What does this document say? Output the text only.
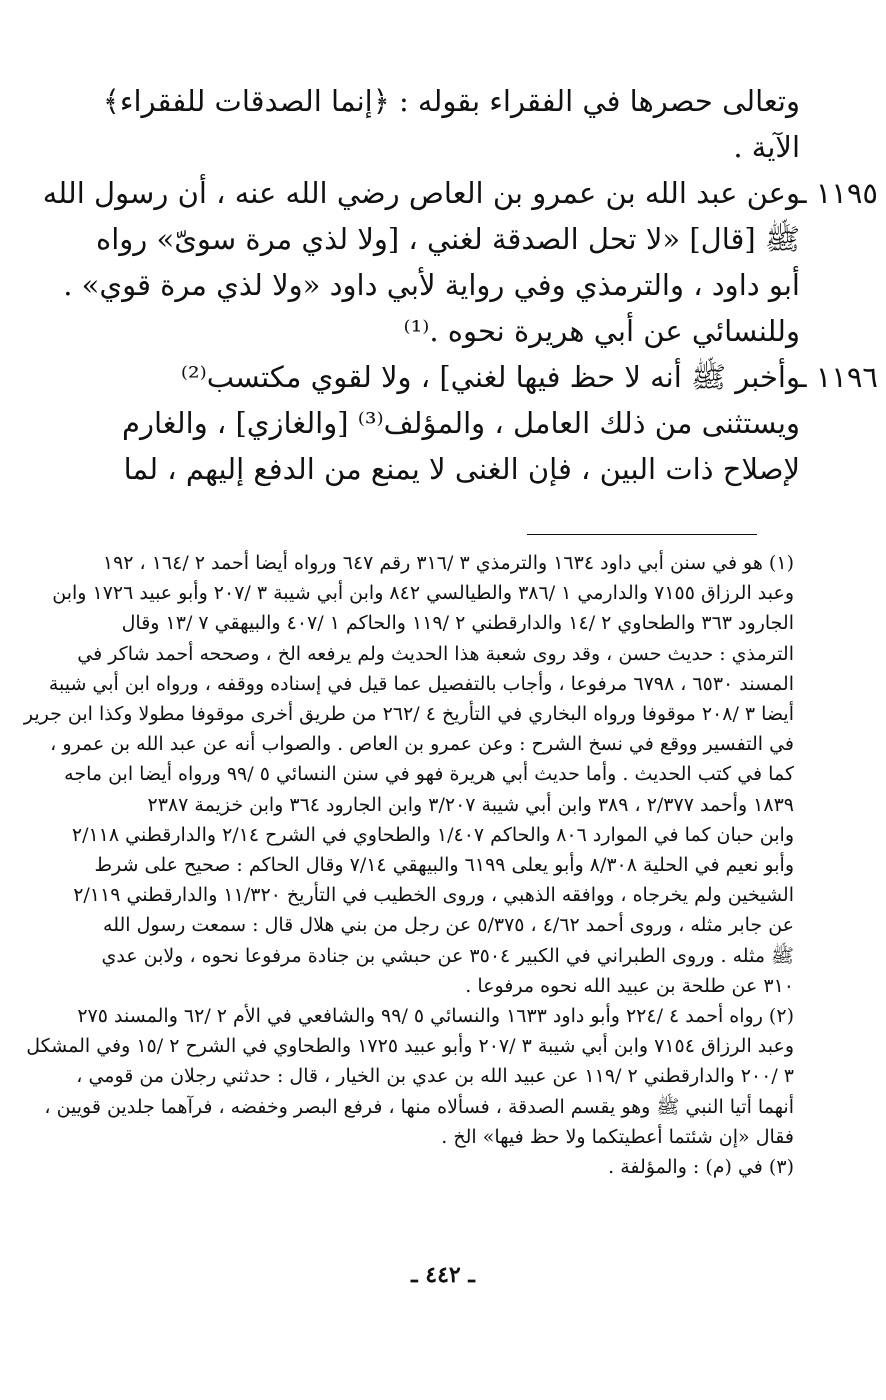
وتعالى حصرها في الفقراء بقوله : ﴿إنما الصدقات للفقراء﴾
الآية .
١١٩٥ ـ
وعن عبد الله بن عمرو بن العاص رضي الله عنه ، أن رسول الله
ﷺ [قال] «لا تحل الصدقة لغني ، [ولا لذي مرة سوىّ» رواه
أبو داود ، والترمذي وفي رواية لأبي داود «ولا لذي مرة قوي» .
وللنسائي عن أبي هريرة نحوه .⁽¹⁾
١١٩٦ ـ
وأخبر ﷺ أنه لا حظ فيها لغني] ، ولا لقوي مكتسب⁽²⁾
ويستثنى من ذلك العامل ، والمؤلف⁽³⁾ [والغازي] ، والغارم
لإصلاح ذات البين ، فإن الغنى لا يمنع من الدفع إليهم ، لما
(١) هو في سنن أبي داود ١٦٣٤ والترمذي ٣ /٣١٦ رقم ٦٤٧ ورواه أيضا أحمد ٢ /١٦٤ ، ١٩٢
وعبد الرزاق ٧١٥٥ والدارمي ١ /٣٨٦ والطيالسي ٨٤٢ وابن أبي شيبة ٣ /٢٠٧ وأبو عبيد ١٧٢٦ وابن
الجارود ٣٦٣ والطحاوي ٢ /١٤ والدارقطني ٢ /١١٩ والحاكم ١ /٤٠٧ والبيهقي ٧ /١٣ وقال
الترمذي : حديث حسن ، وقد روى شعبة هذا الحديث ولم يرفعه الخ ، وصححه أحمد شاكر في
المسند ٦٥٣٠ ، ٦٧٩٨ مرفوعا ، وأجاب بالتفصيل عما قيل في إسناده ووقفه ، ورواه ابن أبي شيبة
أيضا ٣ /٢٠٨ موقوفا ورواه البخاري في التأريخ ٤ /٢٦٢ من طريق أخرى موقوفا مطولا وكذا ابن جرير
في التفسير ووقع في نسخ الشرح : وعن عمرو بن العاص . والصواب أنه عن عبد الله بن عمرو ،
كما في كتب الحديث . وأما حديث أبي هريرة فهو في سنن النسائي ٥ /٩٩ ورواه أيضا ابن ماجه
١٨٣٩ وأحمد ٢/٣٧٧ ، ٣٨٩ وابن أبي شيبة ٣/٢٠٧ وابن الجارود ٣٦٤ وابن خزيمة ٢٣٨٧
وابن حبان كما في الموارد ٨٠٦ والحاكم ١/٤٠٧ والطحاوي في الشرح ٢/١٤ والدارقطني ٢/١١٨
وأبو نعيم في الحلية ٨/٣٠٨ وأبو يعلى ٦١٩٩ والبيهقي ٧/١٤ وقال الحاكم : صحيح على شرط
الشيخين ولم يخرجاه ، ووافقه الذهبي ، وروى الخطيب في التأريخ ١١/٣٢٠ والدارقطني ٢/١١٩
عن جابر مثله ، وروى أحمد ٤/٦٢ ، ٥/٣٧٥ عن رجل من بني هلال قال : سمعت رسول الله
ﷺ مثله . وروى الطبراني في الكبير ٣٥٠٤ عن حبشي بن جنادة مرفوعا نحوه ، ولابن عدي
٣١٠ عن طلحة بن عبيد الله نحوه مرفوعا .
(٢) رواه أحمد ٤ /٢٢٤ وأبو داود ١٦٣٣ والنسائي ٥ /٩٩ والشافعي في الأم ٢ /٦٢ والمسند ٢٧٥
وعبد الرزاق ٧١٥٤ وابن أبي شيبة ٣ /٢٠٧ وأبو عبيد ١٧٢٥ والطحاوي في الشرح ٢ /١٥ وفي المشكل
٣ /٢٠٠ والدارقطني ٢ /١١٩ عن عبيد الله بن عدي بن الخيار ، قال : حدثني رجلان من قومي ،
أنهما أتيا النبي ﷺ وهو يقسم الصدقة ، فسألاه منها ، فرفع البصر وخفضه ، فرآهما جلدين قويين ،
فقال «إن شئتما أعطيتكما ولا حظ فيها» الخ .
(٣) في (م) : والمؤلفة .
ـ ٤٤٢ ـ
